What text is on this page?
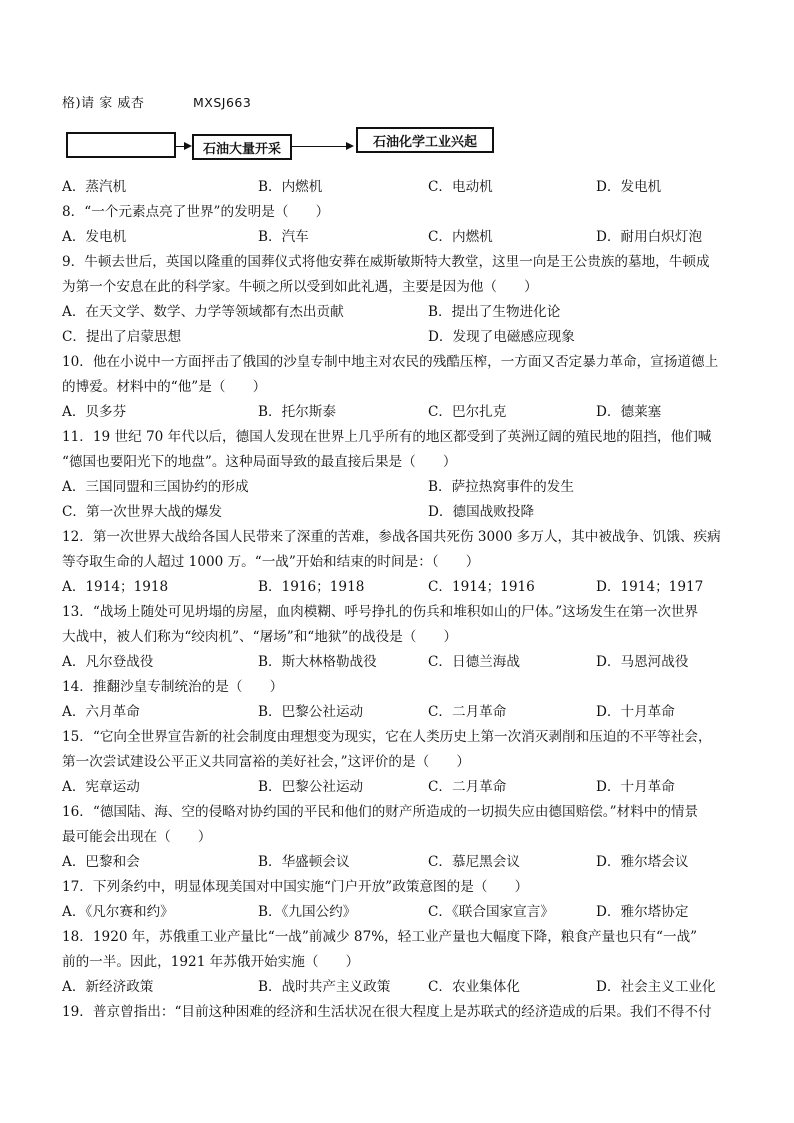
格)请 家 威杏	MXSJ663
石油大量开采	石油化学工业兴起
A．蒸汽机	B．内燃机	C．电动机	D．发电机
8．“一个元素点亮了世界”的发明是（　　）
A．发电机	B．汽车	C．内燃机	D．耐用白炽灯泡
9．牛顿去世后，英国以隆重的国葬仪式将他安葬在威斯敏斯特大教堂，这里一向是王公贵族的墓地，牛顿成
为第一个安息在此的科学家。牛顿之所以受到如此礼遇，主要是因为他（　　）
A．在天文学、数学、力学等领域都有杰出贡献	B．提出了生物进化论
C．提出了启蒙思想	D．发现了电磁感应现象
10．他在小说中一方面抨击了俄国的沙皇专制中地主对农民的残酷压榨，一方面又否定暴力革命，宣扬道德上
的博爱。材料中的“他”是（　　）
A．贝多芬	B．托尔斯泰	C．巴尔扎克	D．德莱塞
11．19 世纪 70 年代以后，德国人发现在世界上几乎所有的地区都受到了英洲辽阔的殖民地的阻挡，他们喊
“德国也要阳光下的地盘”。这种局面导致的最直接后果是（　　）
A．三国同盟和三国协约的形成	B．萨拉热窝事件的发生
C．第一次世界大战的爆发	D．德国战败投降
12．第一次世界大战给各国人民带来了深重的苦难，参战各国共死伤 3000 多万人，其中被战争、饥饿、疾病
等夺取生命的人超过 1000 万。“一战”开始和结束的时间是：（　　）
A．1914；1918	B．1916；1918	C．1914；1916	D．1914；1917
13．“战场上随处可见坍塌的房屋，血肉模糊、呼号挣扎的伤兵和堆积如山的尸体。”这场发生在第一次世界
大战中，被人们称为“绞肉机”、“屠场”和“地狱”的战役是（　　）
A．凡尔登战役	B．斯大林格勒战役	C．日德兰海战	D．马恩河战役
14．推翻沙皇专制统治的是（　　）
A．六月革命	B．巴黎公社运动	C．二月革命	D．十月革命
15．“它向全世界宣告新的社会制度由理想变为现实，它在人类历史上第一次消灭剥削和压迫的不平等社会，
第一次尝试建设公平正义共同富裕的美好社会，”这评价的是（　　）
A．宪章运动	B．巴黎公社运动	C．二月革命	D．十月革命
16．“德国陆、海、空的侵略对协约国的平民和他们的财产所造成的一切损失应由德国赔偿。”材料中的情景
最可能会出现在（　　）
A．巴黎和会	B．华盛顿会议	C．慕尼黑会议	D．雅尔塔会议
17．下列条约中，明显体现美国对中国实施“门户开放”政策意图的是（　　）
A．《凡尔赛和约》	B．《九国公约》	C．《联合国家宣言》	D．雅尔塔协定
18．1920 年，苏俄重工业产量比“一战”前减少 87%，轻工业产量也大幅度下降，粮食产量也只有“一战”
前的一半。因此，1921 年苏俄开始实施（　　）
A．新经济政策	B．战时共产主义政策	C．农业集体化	D．社会主义工业化
19．普京曾指出：“目前这种困难的经济和生活状况在很大程度上是苏联式的经济造成的后果。我们不得不付
